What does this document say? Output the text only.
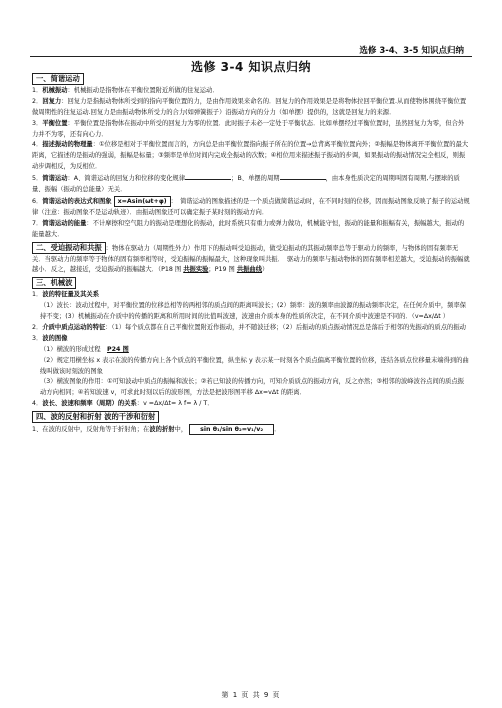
选修 3-4、3-5 知识点归纳
选修 3-4 知识点归纳
一、简谐运动

1．机械振动：机械振动是指物体在平衡位置附近所做的往复运动．

2．回复力：回复力是指振动物体所受到的指向平衡位置的力，是由作用效果来命名的．回复力的作用效果是是将物体拉回平衡位置.从而使物体围绕平衡位置做周期性的往复运动.回复力是由振动物体所受力的合力(如弹簧振子）沿振动方向的分力（如单摆）提供的，这就是回复力的来源．

3．平衡位置：平衡位置是指物体在振动中所受的回复力为零的位置．此时振子未必一定处于平衡状态．比如单摆经过平衡位置时，虽然回复力为零，但合外力并不为零，还有向心力．

4．描述振动的物理量：①位移是相对于平衡位置而言的，方向总是由平衡位置指向振子所在的位置→总背离平衡位置向外；②振幅是物体离开平衡位置的最大距离，它描述的是振动的强弱，振幅是标量；③频率是单位时间内完成全振动的次数；④相位用来描述振子振动的步调，如果振动的振动情况完全相反，则振动步调相反，为反相位．

5．简谐运动：A、简谐运动的回复力和位移的变化规律	；B、单摆的周期	，由本身性质决定的周期叫固有周期,与摆球的质量、振幅（振动的总能量）无关．

6．简谐运动的表达式和图象 x=Asin(ωt+φ) ：　简谐运动的图象描述的是一个质点做简谐运动时，在不同时刻的位移，因而振动图象反映了振子的运动规律（注意：振动图象不是运动轨迹）．由振动图象还可以确定振子某时刻的振动方向．

7．简谐运动的能量：不计摩擦和空气阻力的振动是理想化的振动，此时系统只有重力或弹力做功，机械能守恒，振动的能量和振幅有关，振幅越大，振动的能量越大．

二、受迫振动和共振 ：物体在驱动力（周期性外力）作用下的振动叫受迫振动，做受迫振动的其振动频率总等于驱动力的频率，与物体的固有频率无关．当驱动力的频率等于物体的固有频率相等时，受迫振幅的振幅最大，这种现象叫共振．　驱动力的频率与振动物体的固有频率相差越大，受迫振动的振幅就越小．反之，越接近，受迫振动的振幅越大．（P18 图 共振实验；P19 图 共振曲线）

三、机械波

1．波的特征量及其关系

（1）波长：波动过程中，对平衡位置的位移总相等的两相邻的质点间的距离叫波长；(2）频率：波的频率由波源的振动频率决定，在任何介质中，频率保持不变；(3）机械振动在介质中的传播的距离和所用时间的比值叫波速，波速由介质本身的性质所决定，在不同介质中波速是不同的．（v=Δx/Δt ）

2．介质中质点运动的特征：（1）每个质点都在自己平衡位置附近作振动，并不随波迁移；（2）后振动的质点振动情况总是落后于相邻的先振动的质点的振动

3．波的图像

（1）横波的形成过程　P24 图

（2）规定用横坐标 x 表示在波的传播方向上各个质点的平衡位置，纵坐标 y 表示某一时刻各个质点偏离平衡位置的位移，连结各质点位移量末端得到的曲线叫做该时刻波的图象

（3）横波图象的作用：①可知波动中质点的振幅和波长；②若已知波的传播方向，可知介质质点的振动方向，反之亦然；③相邻的波峰波谷点间的质点振动方向相同；④若知波速 v，可求此时刻以后的波形图，方法是把波形图平移 Δx=vΔt 的距离．

4．波长、波速和频率（周期）的关系：v =Δx/Δt= λ f= λ / T．

四、波的反射和折射 波的干涉和衍射

1、在波的反射中，反射角等于折射角；在波的折射中， sin θ₁/sin θ₂=v₁/v₂ ．

第 1 页 共 9 页
